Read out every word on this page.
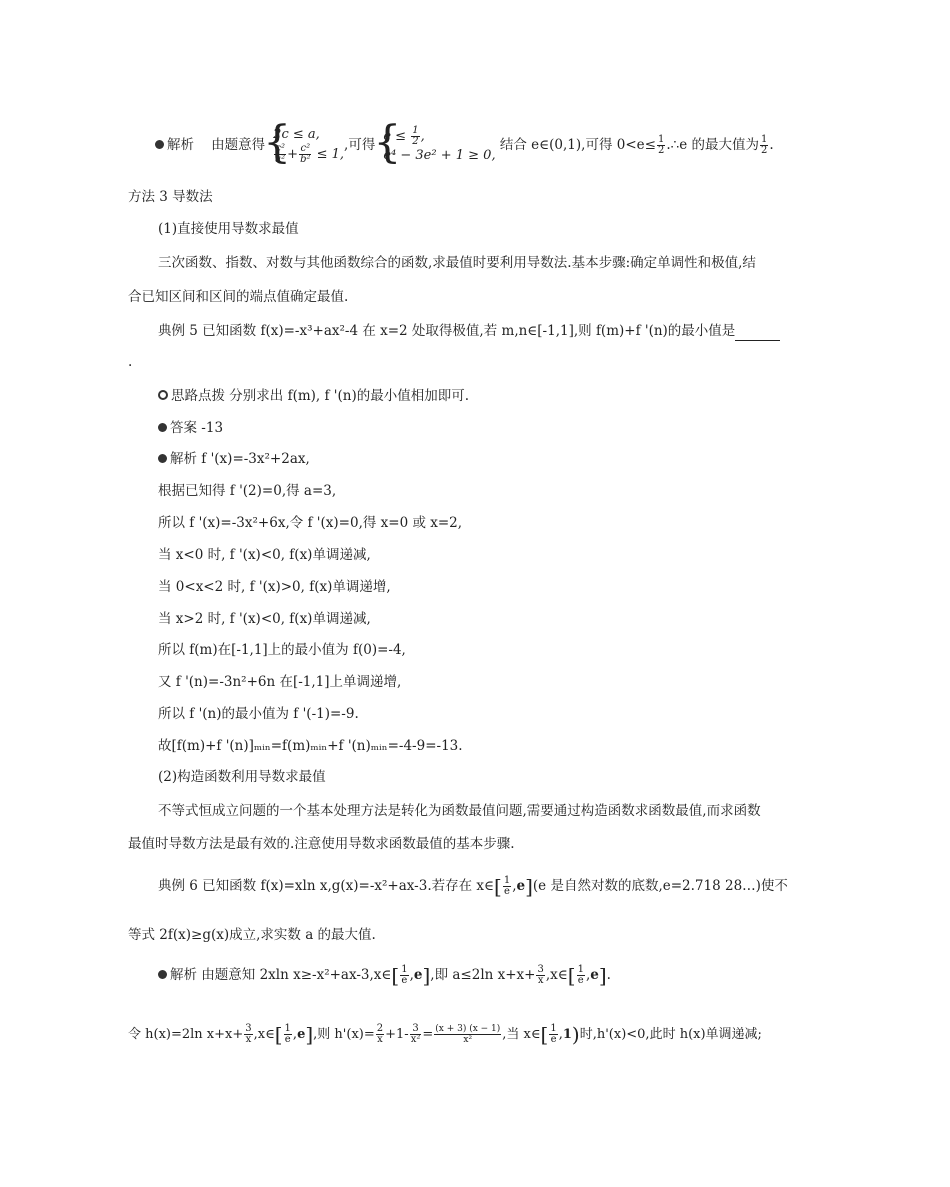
解析 由题意得
{ 2c ≤ a,
$\frac{\text{c²}}{\text{a²}} + \frac{\text{c²}}{\text{b²}} \le 1$,
,可得
{ $e \le \frac{1}{2}$ ,
e⁴ − 3e² + 1 ≥ 0,
结合 e∈(0,1),可得 $0<e\le \frac{1}{2}$ .∴e 的最大值为 $\frac{1}{2}$ .
方法 3 导数法
(1)直接使用导数求最值
三次函数、指数、对数与其他函数综合的函数,求最值时要利用导数法.基本步骤:确定单调性和极值,结
合已知区间和区间的端点值确定最值.
典例 5 已知函数 f(x)=-x³+ax²-4 在 x=2 处取得极值,若 m,n∈[-1,1],则 f(m)+f '(n)的最小值是
.
思路点拨 分别求出 f(m), f '(n)的最小值相加即可.
答案 -13
解析 f '(x)=-3x²+2ax,
根据已知得 f '(2)=0,得 a=3,
所以 f '(x)=-3x²+6x,令 f '(x)=0,得 x=0 或 x=2,
当 x<0 时, f '(x)<0, f(x)单调递减,
当 0<x<2 时, f '(x)>0, f(x)单调递增,
当 x>2 时, f '(x)<0, f(x)单调递减,
所以 f(m)在[-1,1]上的最小值为 f(0)=-4,
又 f '(n)=-3n²+6n 在[-1,1]上单调递增,
所以 f '(n)的最小值为 f '(-1)=-9.
故[f(m)+f '(n)]ₘᵢₙ=f(m)ₘᵢₙ+f '(n)ₘᵢₙ=-4-9=-13.
(2)构造函数利用导数求最值
不等式恒成立问题的一个基本处理方法是转化为函数最值问题,需要通过构造函数求函数最值,而求函数
最值时导数方法是最有效的.注意使用导数求函数最值的基本步骤.
典例 6 已知函数 f(x)=xln x,g(x)=-x²+ax-3.若存在 x∈[ $\frac{1}{e} ,e](e$ 是自然对数的底数,e=2.718 28…)使不
等式 2f(x)≥g(x)成立,求实数 a 的最大值.
解析 由题意知 2xln x≥-x²+ax-3,x∈[ $\frac{1}{e} ,e$],即 a≤2ln $x+x+ \frac{3}{x}$ ,x∈[ $\frac{1}{e} ,e$].
令 h(x)=2ln $x+x+ \frac{3}{x}$ ,x∈[ $\frac{1}{e} ,e$],则 $h'(x)= \frac{2}{x} +1- \frac{3}{\text{x²}} = \frac{(x + 3) (x - 1)}{\text{x²}}$ ,当 x∈[ $\frac{1}{e} ,1$)时,h'(x)<0,此时 h(x)单调递减;
